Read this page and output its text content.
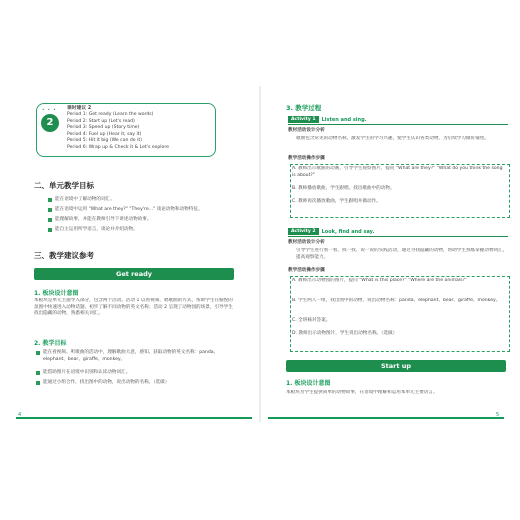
• • •
2
课时建议 2
Period 1: Get ready (Learn the words)
Period 2: Start up (Let's read)
Period 3: Speed up (Story time)
Period 4: Fuel up (Hear it, say it)
Period 5: Hit it big (We can do it)
Period 6: Wrap up & Check it & Let's explore
二、单元教学目标
能在语境中了解动物的词汇。
能在语境中运用 "What are they?" "They're..." 谈论动物和动物特征。
能理解故事，并能在教师引导下讲述动物故事。
能自主运用所学语言，谈论并介绍动物。
三、教学建议参考
Get ready
1. 板块设计意图
本板块是单元主题导入部分，包含两个活动。活动 1 以看视频、唱歌曲的方式，帮助学生在愉悦的氛围中快速进入动物话题，初步了解不同动物的英文名称；活动 2 呈现了动物园的场景，引导学生找出隐藏的动物，熟悉相关词汇。
2. 教学目标
能在看视频、听歌曲的活动中，理解歌曲大意，感知、获取动物的英文名称：panda、elephant、bear、giraffe、monkey。
能借助图片在语境中识别和认读动物词汇。
能通过小组合作，找出图中的动物，说出动物的名称。（选做）
4
3. 教学过程
Activity 1	Listen and sing.
教材活动设计分析
歌曲包含常见的动物名称，激发学生的学习兴趣，使学生认识各类动物，为后续学习做好铺垫。
教学活动操作步骤
A. 教师出示歌曲的动画，引导学生观察图片，提问 "What are they?" "What do you think the song is about?"
B. 教师播放歌曲，学生跟唱，找出歌曲中的动物。
C. 教师再次播放歌曲，学生跟唱并做动作。
Activity 2	Look, find and say.
教材活动设计分析
引导学生进行看一看、找一找、说一说的实践活动，通过寻找隐藏的动物，帮助学生熟练掌握动物词汇，提高观察能力。
教学活动操作步骤
A. 教师出示动物园的图片，提问 "What is this place?" "Where are the animals?"
B. 学生两人一组，找出图中的动物，说出动物名称：panda、elephant、bear、giraffe、monkey。
C. 全班核对答案。
D. 教师出示动物图片，学生说出动物名称。（选做）
Start up
1. 板块设计意图
本板块为学生提供简单的动物故事，在语境中理解和运用本单元主要语言。
5
